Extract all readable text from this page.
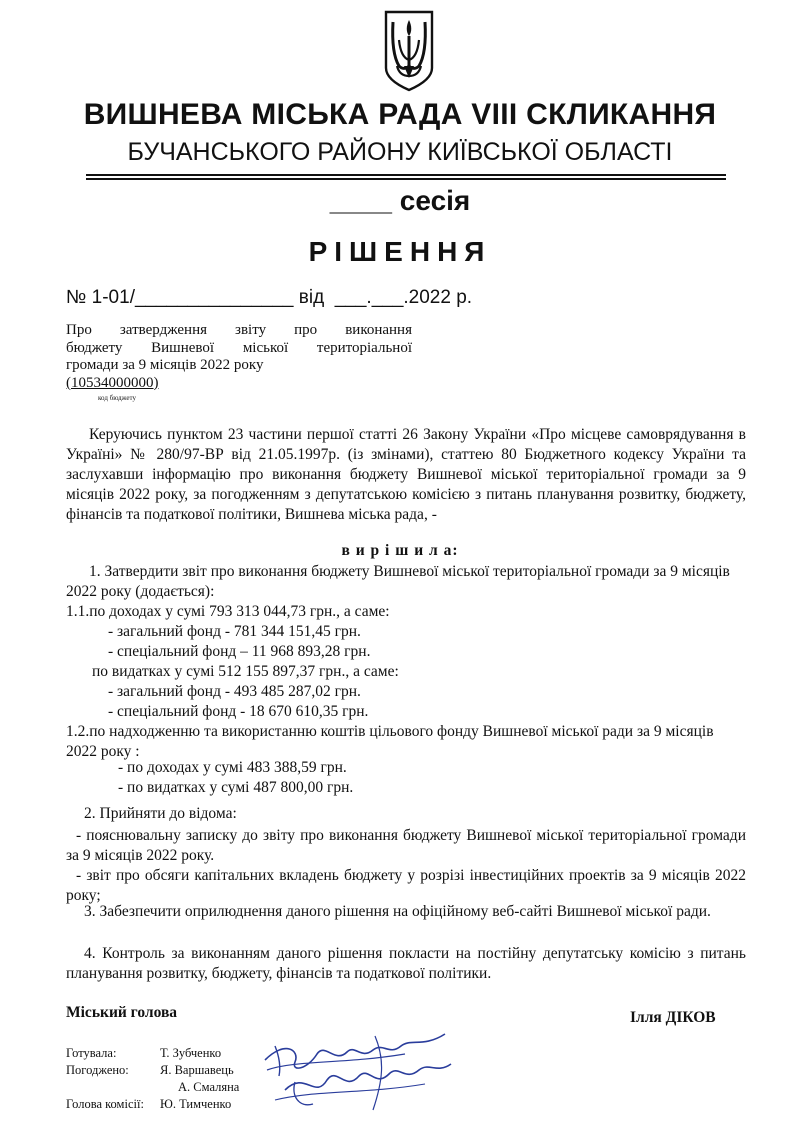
ВИШНЕВА МІСЬКА РАДА VIII СКЛИКАННЯ
БУЧАНСЬКОГО РАЙОНУ КИЇВСЬКОЇ ОБЛАСТІ
____ сесія
РІШЕННЯ
№ 1-01/_______________ від  ___.___.2022 р.
Про затвердження звіту про виконання
бюджету Вишневої міської територіальної
громади за 9 місяців 2022 року
(10534000000)
код бюджету
Керуючись пунктом 23 частини першої статті 26 Закону України «Про місцеве самоврядування в Україні» № 280/97-ВР від 21.05.1997р. (із змінами), статтею 80 Бюджетного кодексу України та заслухавши інформацію про виконання бюджету Вишневої міської територіальної громади за 9 місяців 2022 року, за погодженням з депутатською комісією з питань планування розвитку, бюджету, фінансів та податкової політики, Вишнева міська рада, -
в и р і ш и л а:
1. Затвердити звіт про виконання бюджету Вишневої міської територіальної громади за 9 місяців 2022 року (додається):
1.1.по доходах у сумі 793 313 044,73 грн., а саме:
- загальний фонд - 781 344 151,45 грн.
- спеціальний фонд – 11 968 893,28 грн.
по видатках у сумі 512 155 897,37 грн., а саме:
- загальний фонд - 493 485 287,02 грн.
- спеціальний фонд - 18 670 610,35 грн.
1.2.по надходженню та використанню коштів цільового фонду Вишневої міської ради за 9 місяців 2022 року :
- по доходах у сумі 483 388,59 грн.
- по видатках у сумі 487 800,00 грн.
2. Прийняти до відома:
- пояснювальну записку до звіту про виконання бюджету Вишневої міської територіальної громади за 9 місяців 2022 року.
- звіт про обсяги капітальних вкладень бюджету у розрізі інвестиційних проектів за 9 місяців 2022 року;
3. Забезпечити оприлюднення даного рішення на офіційному веб-сайті Вишневої міської ради.
4. Контроль за виконанням даного рішення покласти на постійну депутатську комісію з питань планування розвитку, бюджету, фінансів та податкової політики.
Міський голова	Ілля ДІКОВ
Готувала:	Т. Зубченко
Погоджено: Я. Варшавець
А. Смаляна
Голова комісії: Ю. Тимченко
